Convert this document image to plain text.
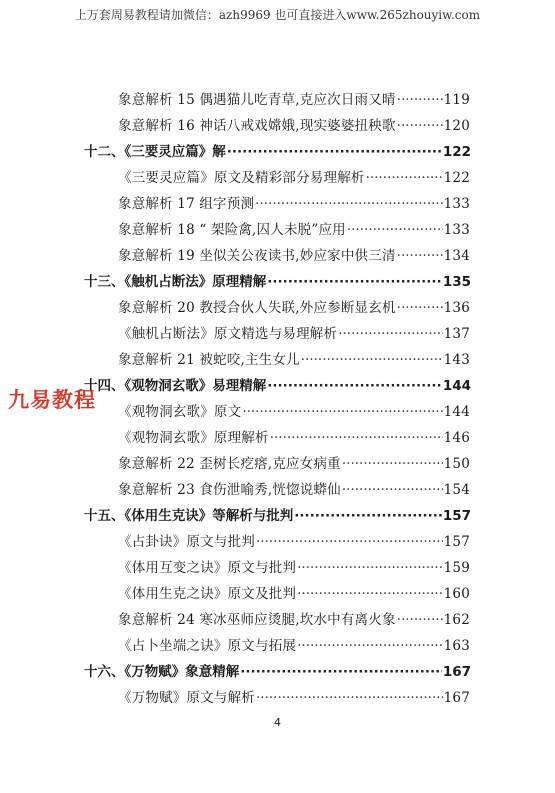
上万套周易教程请加微信：azh9969 也可直接进入www.265zhouyiw.com
象意解析 15 偶遇猫儿吃青草,克应次日雨又晴 ·····	119
象意解析 16 神话八戒戏嫦娥,现实婆婆扭秧歌 ·····	120
十二、《三要灵应篇》解 ·····	122
《三要灵应篇》原文及精彩部分易理解析 ·····	122
象意解析 17 组字预测 ·····	133
象意解析 18 “ 架险禽,囚人未脱”应用 ·····	133
象意解析 19 坐似关公夜读书,妙应家中供三清 ·····	134
十三、《触机占断法》原理精解 ·····	135
象意解析 20 教授合伙人失联,外应参断显玄机 ·····	136
《触机占断法》原文精选与易理解析 ·····	137
象意解析 21 被蛇咬,主生女儿 ·····	143
十四、《观物洞玄歌》易理精解 ·····	144
《观物洞玄歌》原文 ·····	144
《观物洞玄歌》原理解析 ·····	146
象意解析 22 歪树长疙瘩,克应女病重 ·····	150
象意解析 23 食伤泄喻秀,恍惚说蟒仙 ·····	154
十五、《体用生克诀》等解析与批判 ·····	157
《占卦诀》原文与批判 ·····	157
《体用互变之诀》原文与批判 ·····	159
《体用生克之诀》原文及批判 ·····	160
象意解析 24 寒冰巫师应烫腿,坎水中有离火象 ·····	162
《占卜坐端之诀》原文与拓展 ·····	163
十六、《万物赋》象意精解 ·····	167
《万物赋》原文与解析 ·····	167
九易教程
4
